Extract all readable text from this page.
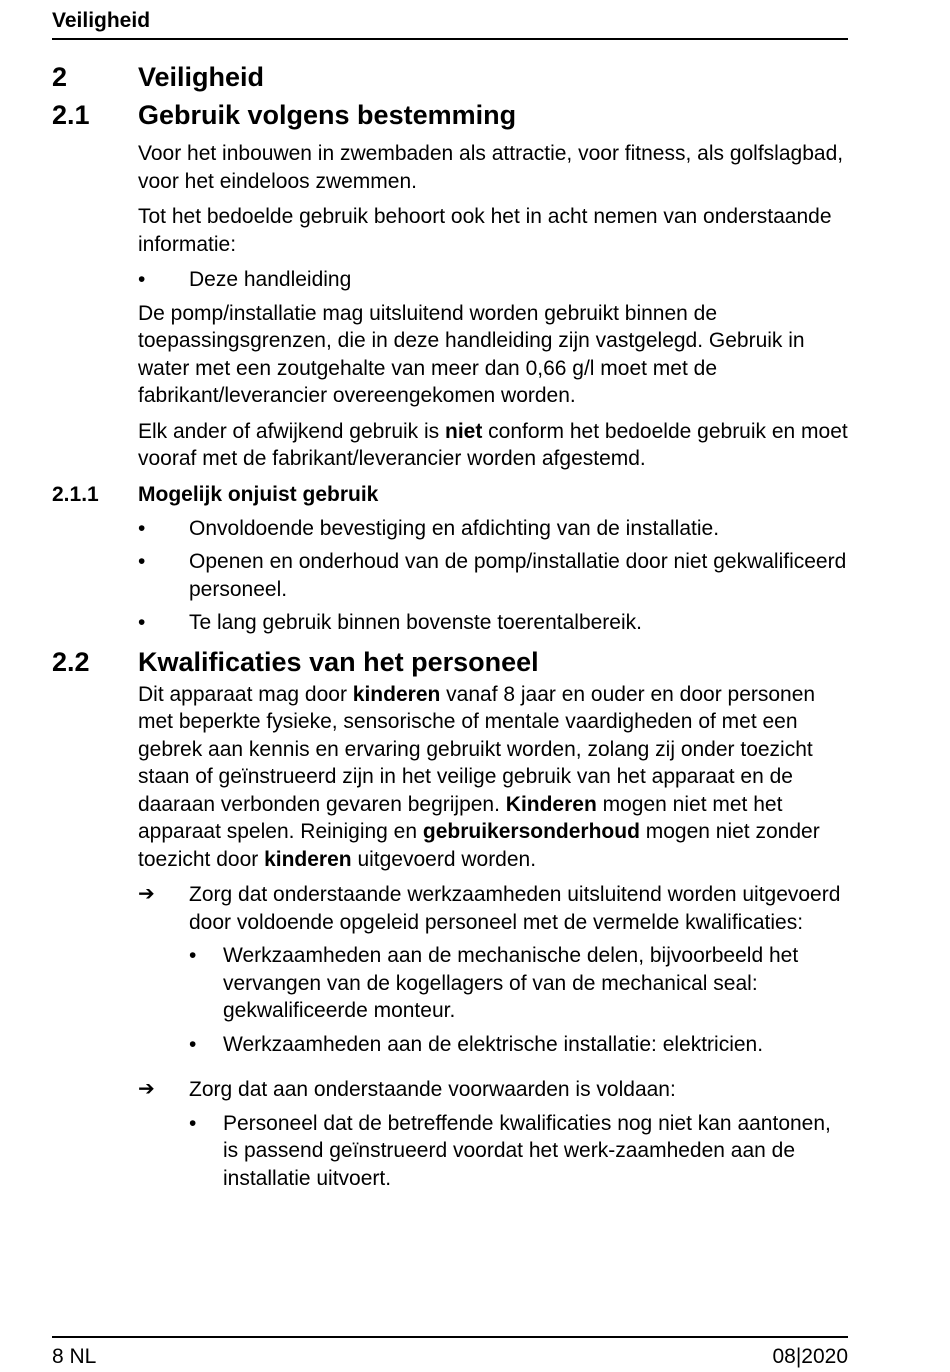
Veiligheid
2	Veiligheid
2.1	Gebruik volgens bestemming

Voor het inbouwen in zwembaden als attractie, voor fitness, als golfslagbad, voor het eindeloos zwemmen.

Tot het bedoelde gebruik behoort ook het in acht nemen van onderstaande informatie:

•	Deze handleiding

De pomp/installatie mag uitsluitend worden gebruikt binnen de toepassingsgrenzen, die in deze handleiding zijn vastgelegd. Gebruik in water met een zoutgehalte van meer dan 0,66 g/l moet met de fabrikant/leverancier overeengekomen worden.

Elk ander of afwijkend gebruik is niet conform het bedoelde gebruik en moet vooraf met de fabrikant/leverancier worden afgestemd.

2.1.1	Mogelijk onjuist gebruik
•	Onvoldoende bevestiging en afdichting van de installatie.
•	Openen en onderhoud van de pomp/installatie door niet gekwalificeerd personeel.
•	Te lang gebruik binnen bovenste toerentalbereik.
2.2	Kwalificaties van het personeel

Dit apparaat mag door kinderen vanaf 8 jaar en ouder en door personen met beperkte fysieke, sensorische of mentale vaardigheden of met een gebrek aan kennis en ervaring gebruikt worden, zolang zij onder toezicht staan of geïnstrueerd zijn in het veilige gebruik van het apparaat en de daaraan verbonden gevaren begrijpen. Kinderen mogen niet met het apparaat spelen. Reiniging en gebruikersonderhoud mogen niet zonder toezicht door kinderen uitgevoerd worden.

➔	Zorg dat onderstaande werkzaamheden uitsluitend worden uitgevoerd door voldoende opgeleid personeel met de vermelde kwalificaties:
•	Werkzaamheden aan de mechanische delen, bijvoorbeeld het vervangen van de kogellagers of van de mechanical seal: gekwalificeerde monteur.
•	Werkzaamheden aan de elektrische installatie: elektricien.
➔	Zorg dat aan onderstaande voorwaarden is voldaan:
•	Personeel dat de betreffende kwalificaties nog niet kan aantonen, is passend geïnstrueerd voordat het werk-zaamheden aan de installatie uitvoert.
8 NL	08|2020
